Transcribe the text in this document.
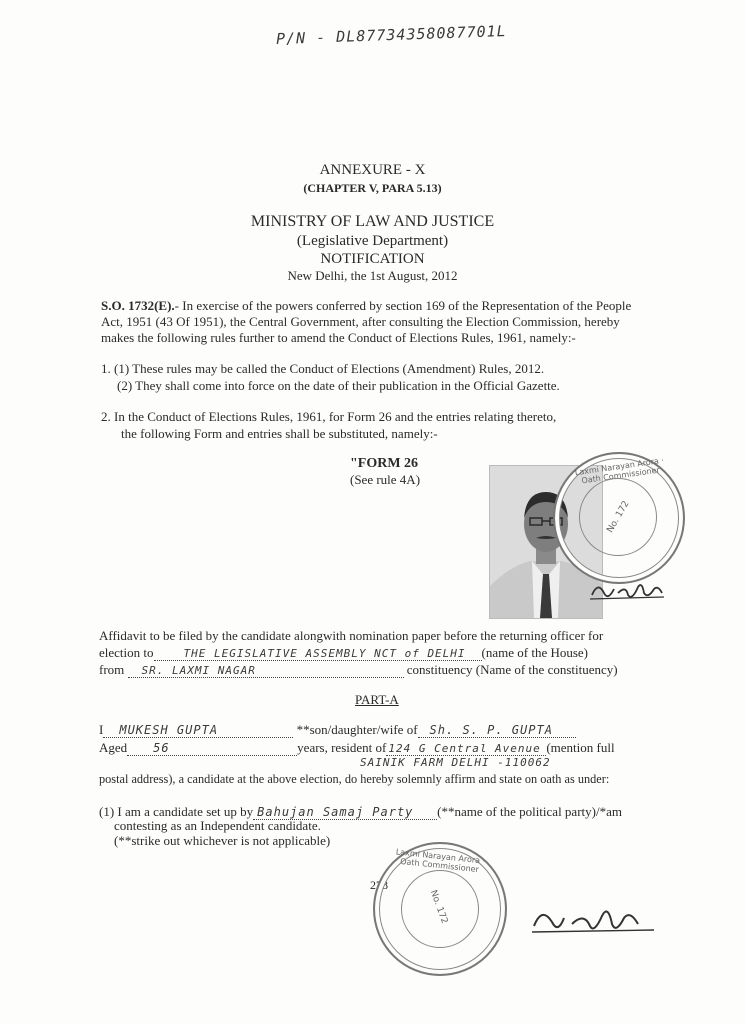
P/N - DL87734358087701L
ANNEXURE - X
(CHAPTER V, PARA 5.13)
MINISTRY OF LAW AND JUSTICE
(Legislative Department)
NOTIFICATION
New Delhi, the 1st August, 2012
S.O. 1732(E).- In exercise of the powers conferred by section 169 of the Representation of the People
Act, 1951 (43 Of 1951), the Central Government, after consulting the Election Commission, hereby
makes the following rules further to amend the Conduct of Elections Rules, 1961, namely:-
1. (1) These rules may be called the Conduct of Elections (Amendment) Rules, 2012.
(2) They shall come into force on the date of their publication in the Official Gazette.
2. In the Conduct of Elections Rules, 1961, for Form 26 and the entries relating thereto,
the following Form and entries shall be substituted, namely:-
"FORM 26
(See rule 4A)
Laxmi Narayan Arora · Oath Commissioner
No. 172
Affidavit to be filed by the candidate alongwith nomination paper before the returning officer for
election to	THE LEGISLATIVE ASSEMBLY NCT of DELHI (name of the House)
from SR. LAXMI NAGAR	constituency (Name of the constituency)
PART-A
I MUKESH GUPTA	**son/daughter/wife of Sh. S. P. GUPTA
Aged 56	years, resident of 124 G Central Avenue (mention full
SAINIK FARM DELHI -110062
postal address), a candidate at the above election, do hereby solemnly affirm and state on oath as under:
(1) I am a candidate set up by Bahujan Samaj Party (**name of the political party)/*am
contesting as an Independent candidate.
(**strike out whichever is not applicable)
278
Laxmi Narayan Arora · Oath Commissioner
No. 172
